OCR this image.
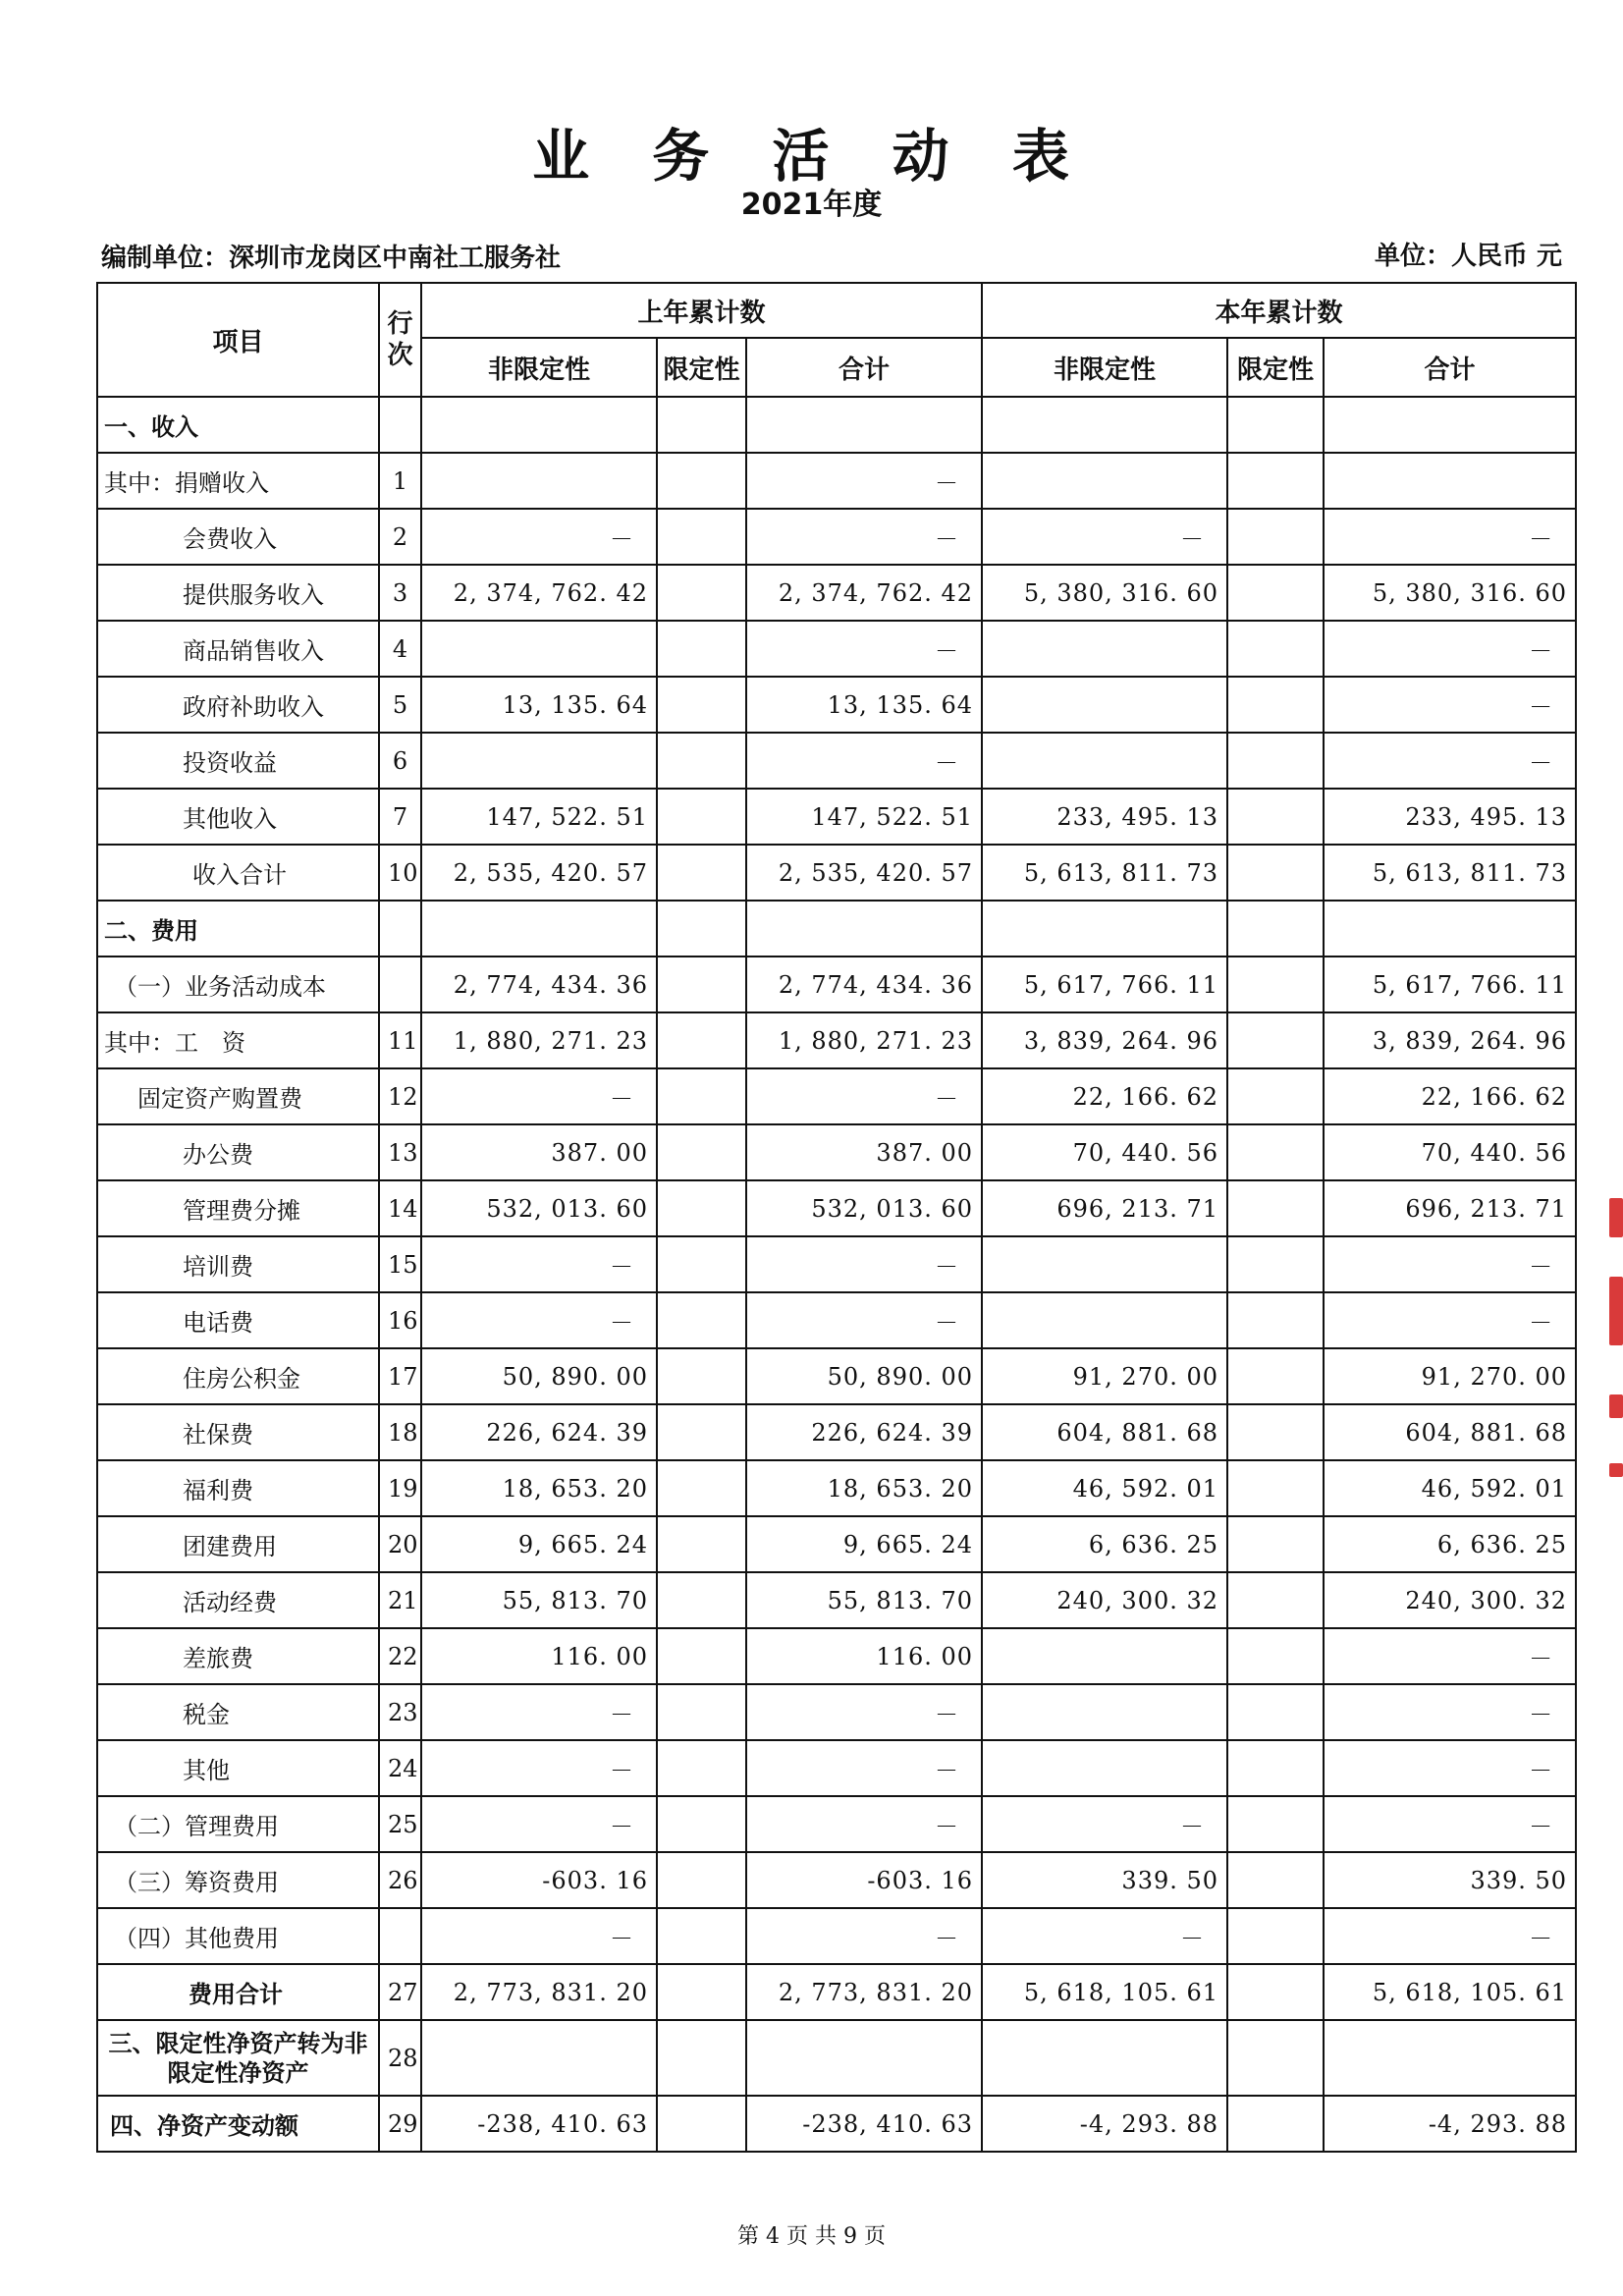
业 务 活 动 表
2021年度
编制单位：深圳市龙岗区中南社工服务社	单位：人民币 元
项目	行次	上年累计数			本年累计数		
		非限定性	限定性	合计	非限定性	限定性	合计
一、收入							
其中：捐赠收入	1			－			
会费收入	2	－		－	－		－
提供服务收入	3	2, 374, 762. 42		2, 374, 762. 42	5, 380, 316. 60		5, 380, 316. 60
商品销售收入	4			－			－
政府补助收入	5	13, 135. 64		13, 135. 64			－
投资收益	6			－			－
其他收入	7	147, 522. 51		147, 522. 51	233, 495. 13		233, 495. 13
收入合计	10	2, 535, 420. 57		2, 535, 420. 57	5, 613, 811. 73		5, 613, 811. 73
二、费用							
（一）业务活动成本		2, 774, 434. 36		2, 774, 434. 36	5, 617, 766. 11		5, 617, 766. 11
其中：工　资	11	1, 880, 271. 23		1, 880, 271. 23	3, 839, 264. 96		3, 839, 264. 96
固定资产购置费	12	－		－	22, 166. 62		22, 166. 62
办公费	13	387. 00		387. 00	70, 440. 56		70, 440. 56
管理费分摊	14	532, 013. 60		532, 013. 60	696, 213. 71		696, 213. 71
培训费	15	－		－			－
电话费	16	－		－			－
住房公积金	17	50, 890. 00		50, 890. 00	91, 270. 00		91, 270. 00
社保费	18	226, 624. 39		226, 624. 39	604, 881. 68		604, 881. 68
福利费	19	18, 653. 20		18, 653. 20	46, 592. 01		46, 592. 01
团建费用	20	9, 665. 24		9, 665. 24	6, 636. 25		6, 636. 25
活动经费	21	55, 813. 70		55, 813. 70	240, 300. 32		240, 300. 32
差旅费	22	116. 00		116. 00			－
税金	23	－		－			－
其他	24	－		－			－
（二）管理费用	25	－		－	－		－
（三）筹资费用	26	-603. 16		-603. 16	339. 50		339. 50
（四）其他费用		－		－	－		－
费用合计	27	2, 773, 831. 20		2, 773, 831. 20	5, 618, 105. 61		5, 618, 105. 61
三、限定性净资产转为非限定性净资产	28						
四、净资产变动额	29	-238, 410. 63		-238, 410. 63	-4, 293. 88		-4, 293. 88
第 4 页 共 9 页
